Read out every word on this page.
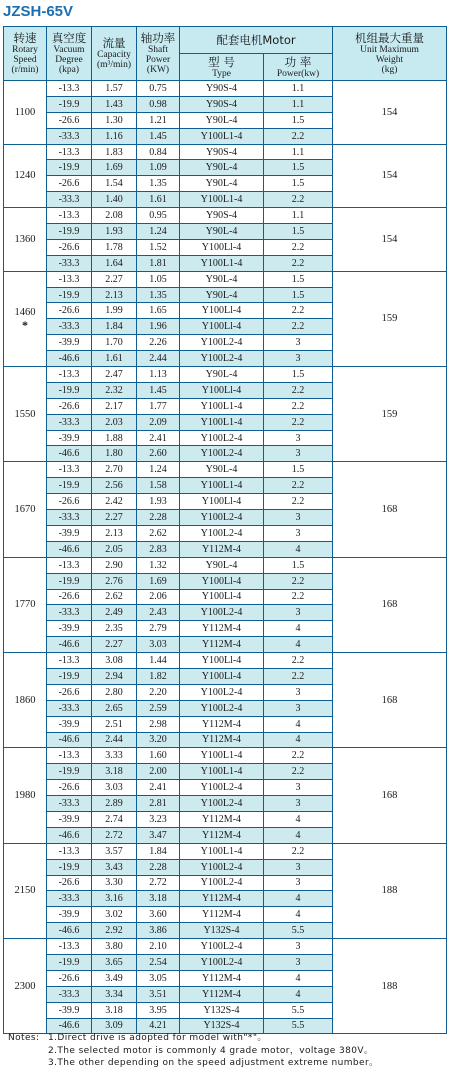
JZSH-65V
转速
Rotary
Speed
(r/min)	真空度
Vacuum
Degree
(kpa)	流量
Capacity
(m³/min)	轴功率
Shaft
Power
(KW)	配套电机Motor		机组最大重量
Unit Maximum
Weight
(kg)

				型 号
Type	功 率
Power(kw)	

1100	-13.3	1.57	0.75	Y90S-4	1.1	154
	-19.9	1.43	0.98	Y90S-4	1.1	
	-26.6	1.30	1.21	Y90L-4	1.5	
	-33.3	1.16	1.45	Y100L1-4	2.2	
1240	-13.3	1.83	0.84	Y90S-4	1.1	154
	-19.9	1.69	1.09	Y90L-4	1.5	
	-26.6	1.54	1.35	Y90L-4	1.5	
	-33.3	1.40	1.61	Y100L1-4	2.2	
1360	-13.3	2.08	0.95	Y90S-4	1.1	154
	-19.9	1.93	1.24	Y90L-4	1.5	
	-26.6	1.78	1.52	Y100Ll-4	2.2	
	-33.3	1.64	1.81	Y100L1-4	2.2	
1460
*	-13.3	2.27	1.05	Y90L-4	1.5	159
	-19.9	2.13	1.35	Y90L-4	1.5	
	-26.6	1.99	1.65	Y100Ll-4	2.2	
	-33.3	1.84	1.96	Y100Ll-4	2.2	
	-39.9	1.70	2.26	Y100L2-4	3	
	-46.6	1.61	2.44	Y100L2-4	3	
1550	-13.3	2.47	1.13	Y90L-4	1.5	159
	-19.9	2.32	1.45	Y100Ll-4	2.2	
	-26.6	2.17	1.77	Y100L1-4	2.2	
	-33.3	2.03	2.09	Y100L1-4	2.2	
	-39.9	1.88	2.41	Y100L2-4	3	
	-46.6	1.80	2.60	Y100L2-4	3	
1670	-13.3	2.70	1.24	Y90L-4	1.5	168
	-19.9	2.56	1.58	Y100L1-4	2.2	
	-26.6	2.42	1.93	Y100Ll-4	2.2	
	-33.3	2.27	2.28	Y100L2-4	3	
	-39.9	2.13	2.62	Y100L2-4	3	
	-46.6	2.05	2.83	Y112M-4	4	
1770	-13.3	2.90	1.32	Y90L-4	1.5	168
	-19.9	2.76	1.69	Y100Ll-4	2.2	
	-26.6	2.62	2.06	Y100Ll-4	2.2	
	-33.3	2.49	2.43	Y100L2-4	3	
	-39.9	2.35	2.79	Y112M-4	4	
	-46.6	2.27	3.03	Y112M-4	4	
1860	-13.3	3.08	1.44	Y100Ll-4	2.2	168
	-19.9	2.94	1.82	Y100Ll-4	2.2	
	-26.6	2.80	2.20	Y100L2-4	3	
	-33.3	2.65	2.59	Y100L2-4	3	
	-39.9	2.51	2.98	Y112M-4	4	
	-46.6	2.44	3.20	Y112M-4	4	
1980	-13.3	3.33	1.60	Y100L1-4	2.2	168
	-19.9	3.18	2.00	Y100L1-4	2.2	
	-26.6	3.03	2.41	Y100L2-4	3	
	-33.3	2.89	2.81	Y100L2-4	3	
	-39.9	2.74	3.23	Y112M-4	4	
	-46.6	2.72	3.47	Y112M-4	4	
2150	-13.3	3.57	1.84	Y100L1-4	2.2	188
	-19.9	3.43	2.28	Y100L2-4	3	
	-26.6	3.30	2.72	Y100L2-4	3	
	-33.3	3.16	3.18	Y112M-4	4	
	-39.9	3.02	3.60	Y112M-4	4	
	-46.6	2.92	3.86	Y132S-4	5.5	
2300	-13.3	3.80	2.10	Y100L2-4	3	188
	-19.9	3.65	2.54	Y100L2-4	3	
	-26.6	3.49	3.05	Y112M-4	4	
	-33.3	3.34	3.51	Y112M-4	4	
	-39.9	3.18	3.95	Y132S-4	5.5	
	-46.6	3.09	4.21	Y132S-4	5.5	
Notes: 1.Direct drive is adopted for model with"*"。
2.The selected motor is commonly 4 grade motor，voltage 380V。
3.The other depending on the speed adjustment extreme number。
